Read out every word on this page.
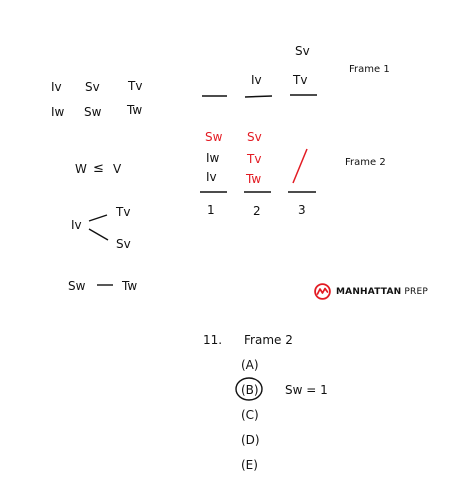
Iv Sv Tv
Iw Sw Tw
W ≤ V
Iv
Tv
Sv
Sw	Tw
Sv
Iv	Tv
Frame 1
Sw
Iw
Iv
Sv
Tv
Tw
Frame 2
1	2	3
MANHATTAN PREP
11. Frame 2
(A)
(B)
(C)
(D)
(E)
Sw = 1
